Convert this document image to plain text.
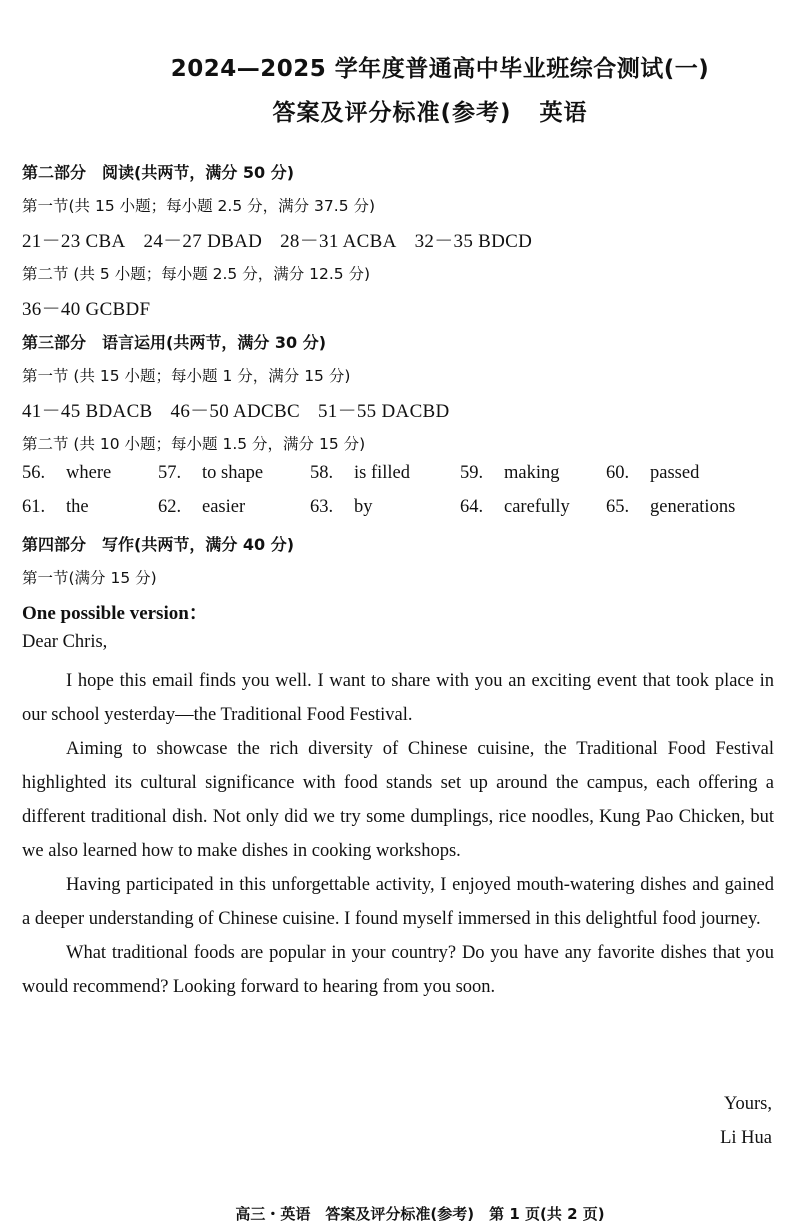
2024—2025 学年度普通高中毕业班综合测试(一)
答案及评分标准(参考) 英语
第二部分　阅读(共两节，满分 50 分)
第一节(共 15 小题；每小题 2.5 分，满分 37.5 分)
21－23 CBA 24－27 DBAD 28－31 ACBA 32－35 BDCD
第二节 (共 5 小题；每小题 2.5 分，满分 12.5 分)
36－40 GCBDF
第三部分　语言运用(共两节，满分 30 分)
第一节 (共 15 小题；每小题 1 分，满分 15 分)
41－45 BDACB 46－50 ADCBC 51－55 DACBD
第二节 (共 10 小题；每小题 1.5 分，满分 15 分)
56. where	57. to shape	58. is filled	59. making	60. passed
61. the	62. easier	63. by	64. carefully 65. generations
第四部分　写作(共两节，满分 40 分)
第一节(满分 15 分)
One possible version：
Dear Chris,

I hope this email finds you well. I want to share with you an exciting event that took place in our school yesterday—the Traditional Food Festival.

Aiming to showcase the rich diversity of Chinese cuisine, the Traditional Food Festival highlighted its cultural significance with food stands set up around the campus, each offering a different traditional dish. Not only did we try some dumplings, rice noodles, Kung Pao Chicken, but we also learned how to make dishes in cooking workshops.

Having participated in this unforgettable activity, I enjoyed mouth-watering dishes and gained a deeper understanding of Chinese cuisine. I found myself immersed in this delightful food journey.

What traditional foods are popular in your country? Do you have any favorite dishes that you would recommend? Looking forward to hearing from you soon.

Yours,
Li Hua
高三・英语　答案及评分标准(参考)　第 1 页(共 2 页)
